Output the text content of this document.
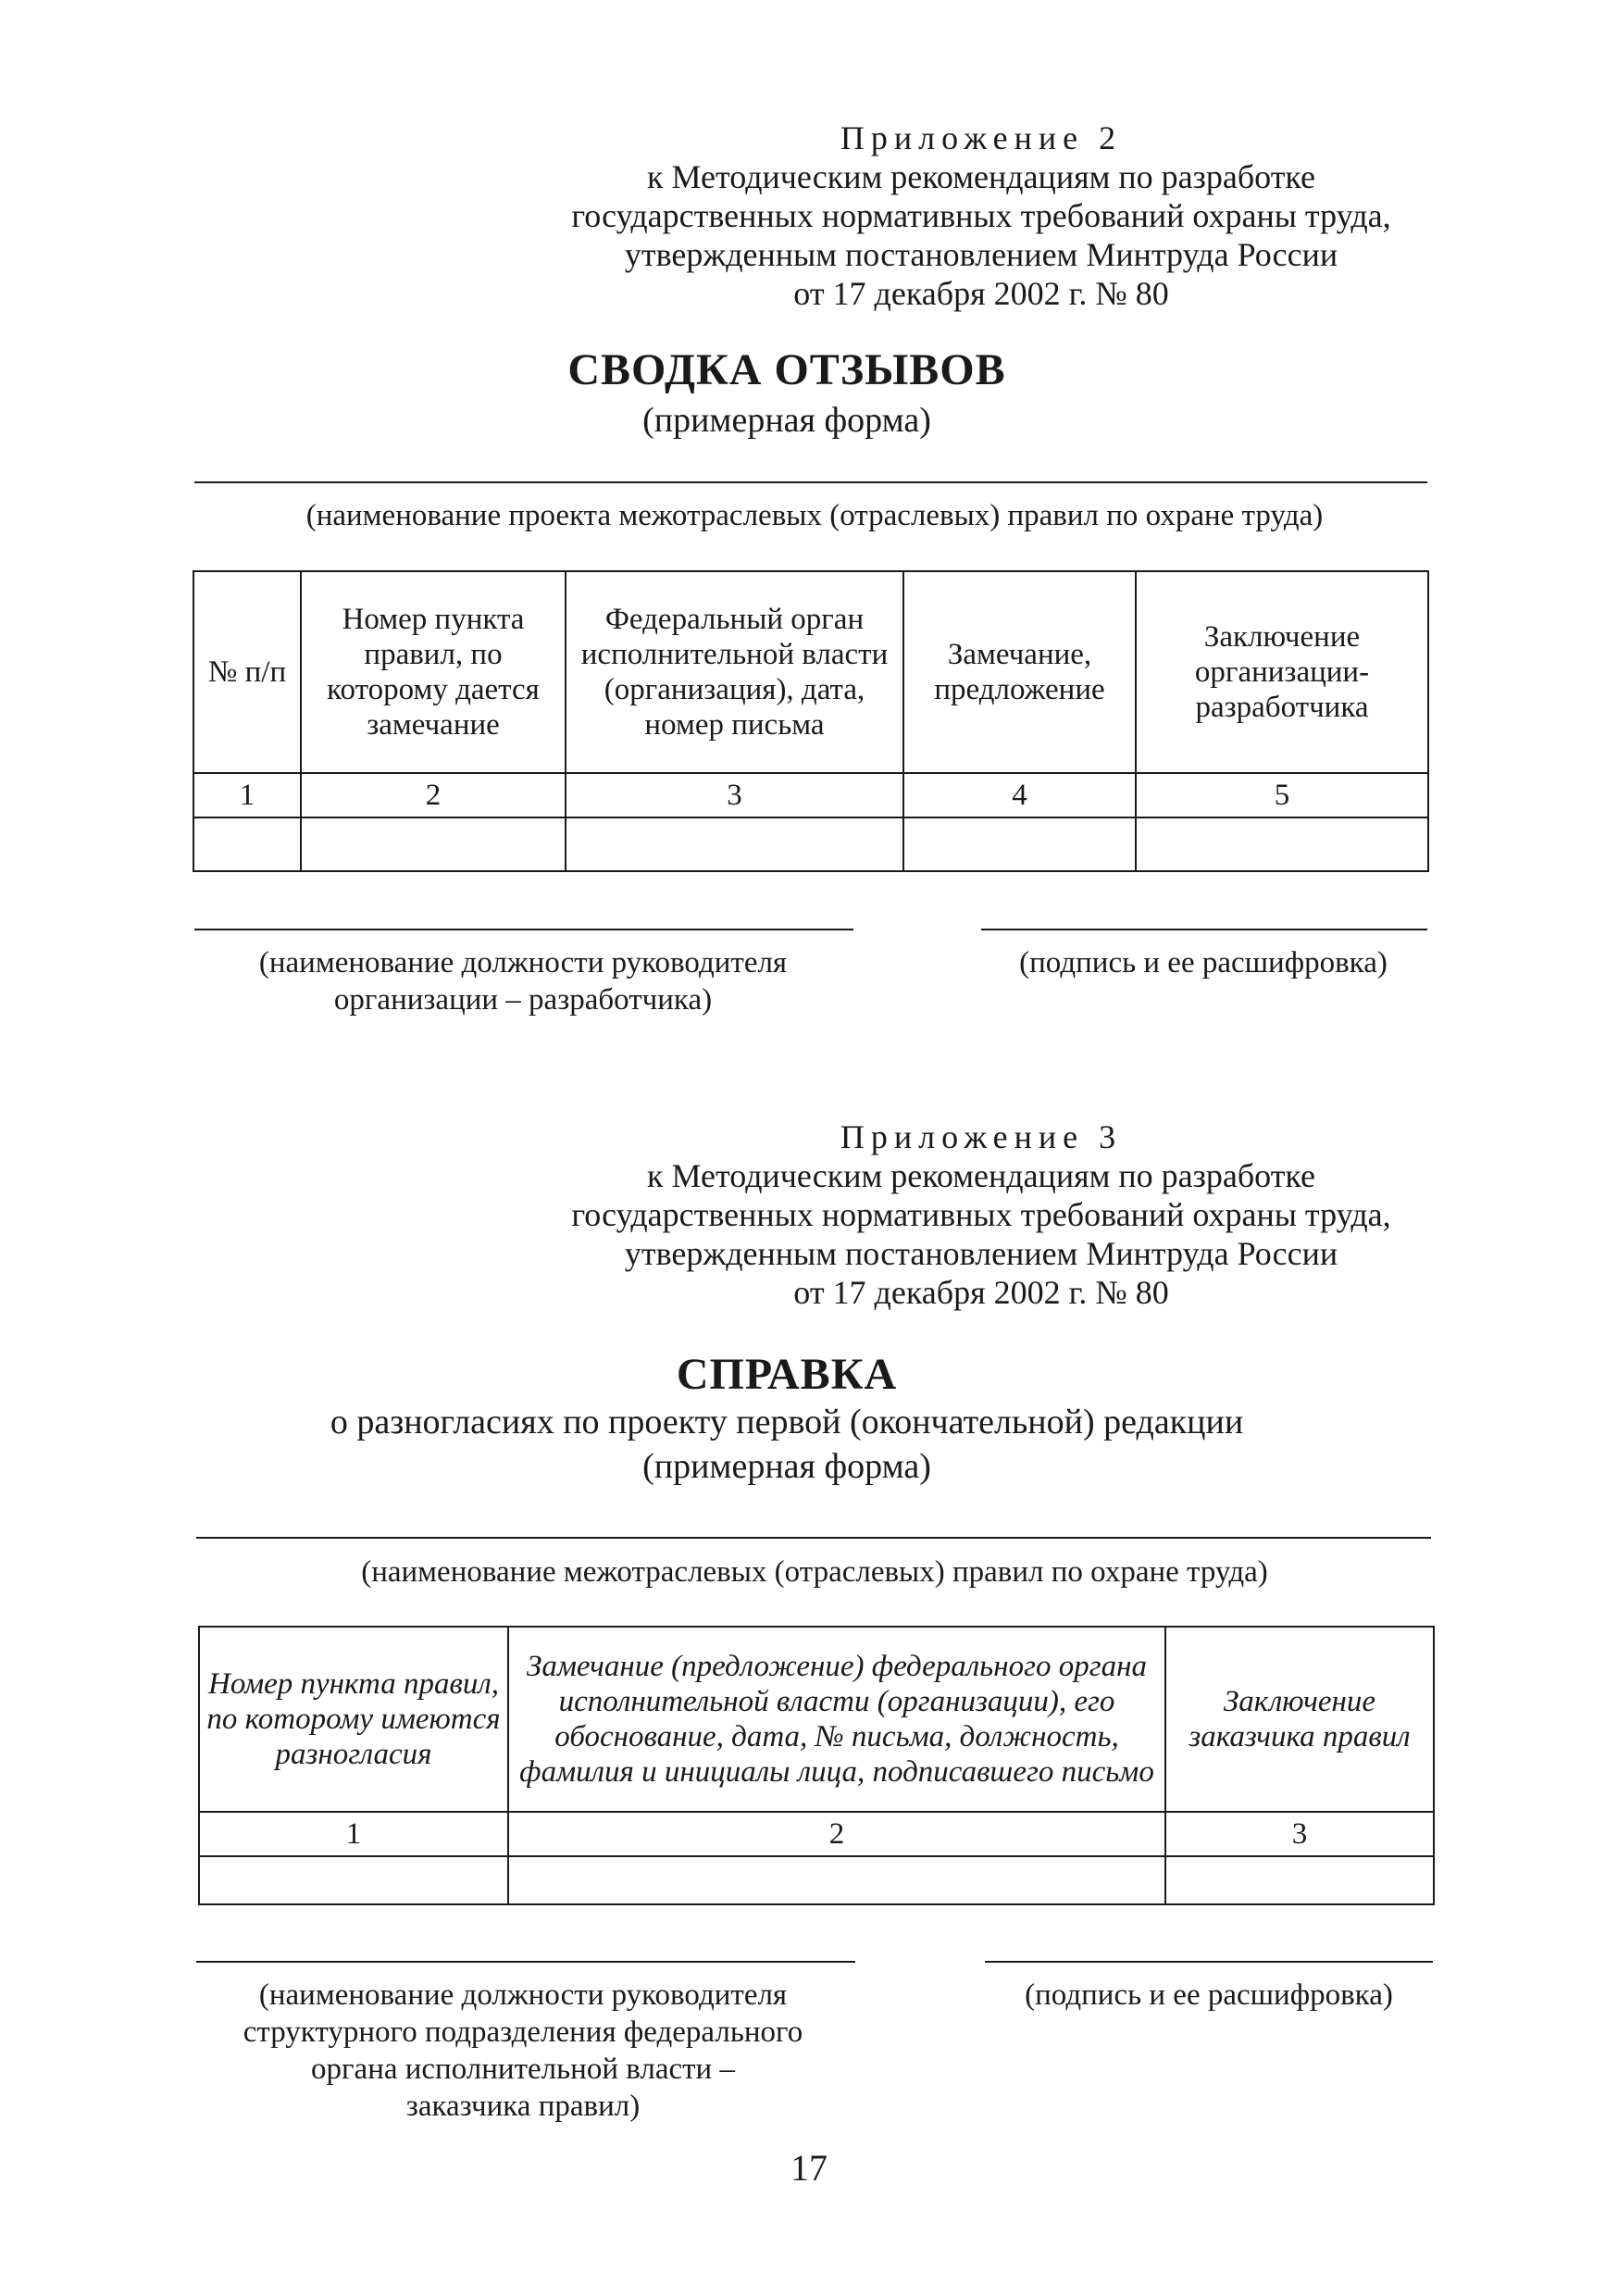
Приложение 2
к Методическим рекомендациям по разработке
государственных нормативных требований охраны труда,
утвержденным постановлением Минтруда России
от 17 декабря 2002 г. № 80
СВОДКА ОТЗЫВОВ
(примерная форма)
(наименование проекта межотраслевых (отраслевых) правил по охране труда)
№ п/п	Номер пункта правил, по которому дается замечание	Федеральный орган исполнительной власти (организация), дата, номер письма	Замечание, предложение	Заключение организации-разработчика
1	2	3	4	5

(наименование должности руководителя
организации – разработчика)
(подпись и ее расшифровка)
Приложение 3
к Методическим рекомендациям по разработке
государственных нормативных требований охраны труда,
утвержденным постановлением Минтруда России
от 17 декабря 2002 г. № 80
СПРАВКА
о разногласиях по проекту первой (окончательной) редакции
(примерная форма)
(наименование межотраслевых (отраслевых) правил по охране труда)
Номер пункта правил, по которому имеются разногласия	Замечание (предложение) федерального органа исполнительной власти (организации), его обоснование, дата, № письма, должность, фамилия и инициалы лица, подписавшего письмо	Заключение заказчика правил
1	2	3

(наименование должности руководителя
структурного подразделения федерального
органа исполнительной власти –
заказчика правил)
(подпись и ее расшифровка)
17
